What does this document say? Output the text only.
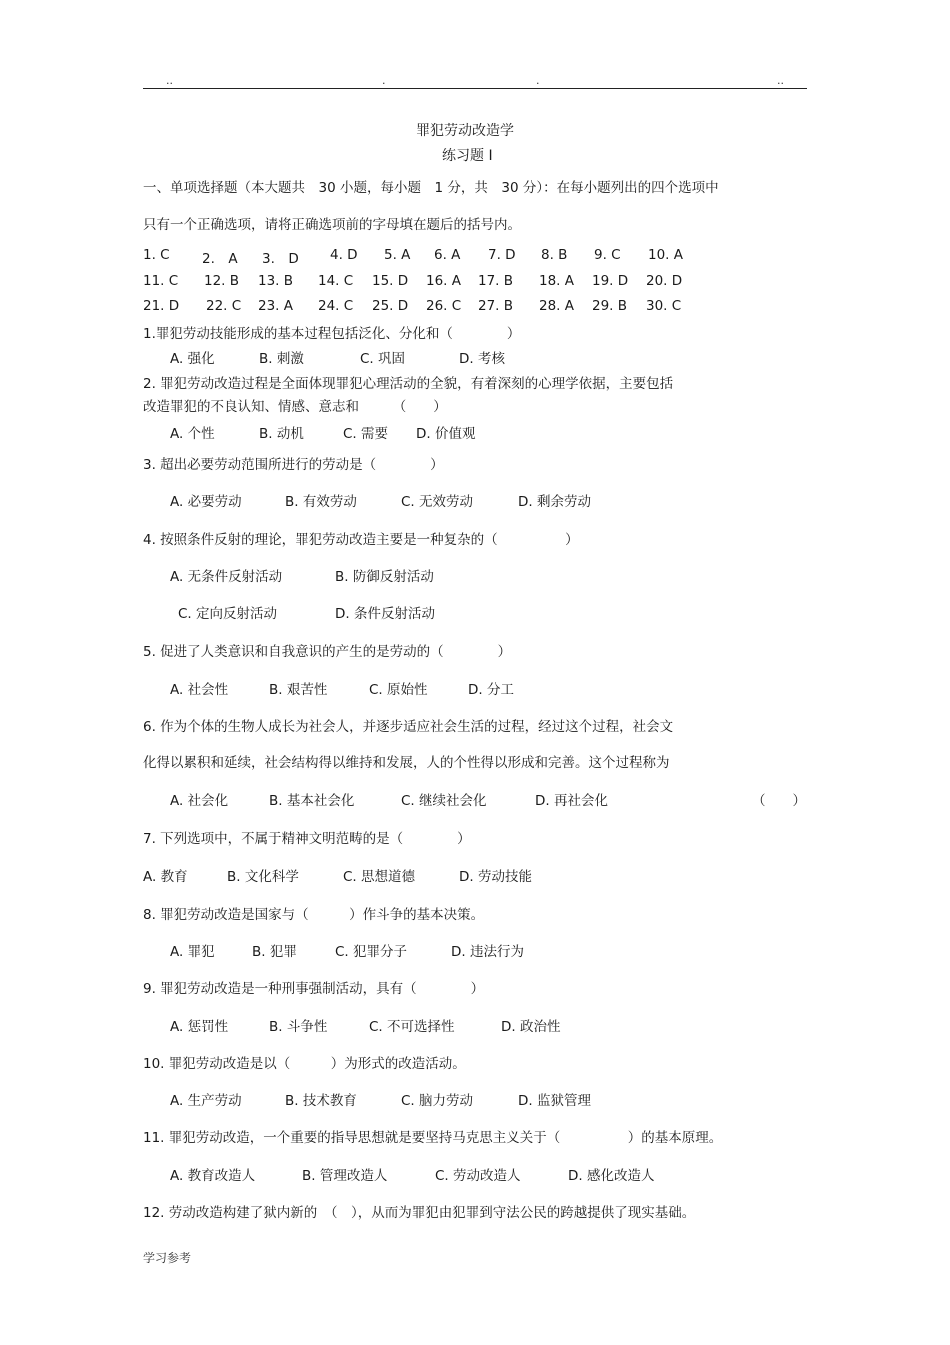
..	.	.	..
罪犯劳动改造学
练习题 I
一、单项选择题（本大题共　30 小题，每小题　1 分，共　30 分）：在每小题列出的四个选项中
只有一个正确选项，请将正确选项前的字母填在题后的括号内。
1. C 2.　A 3.　D 4. D 5. A 6. A 7. D 8. B 9. C 10. A
11. C 12. B 13. B 14. C 15. D 16. A 17. B 18. A 19. D 20. D
21. D 22. C 23. A 24. C 25. D 26. C 27. B 28. A 29. B 30. C
1.罪犯劳动技能形成的基本过程包括泛化、分化和（　　　　）
A. 强化	B. 刺激	C. 巩固	D. 考核
2. 罪犯劳动改造过程是全面体现罪犯心理活动的全貌，有着深刻的心理学依据，主要包括
改造罪犯的不良认知、情感、意志和　　　（　　）
A. 个性	B. 动机	C. 需要 D. 价值观
3. 超出必要劳动范围所进行的劳动是（　　　　）
A. 必要劳动	B. 有效劳动	C. 无效劳动	D. 剩余劳动
4. 按照条件反射的理论，罪犯劳动改造主要是一种复杂的（　　　　　）
A. 无条件反射活动	B. 防御反射活动
C. 定向反射活动	D. 条件反射活动
5. 促进了人类意识和自我意识的产生的是劳动的（　　　　）
A. 社会性	B. 艰苦性	C. 原始性	D. 分工
6. 作为个体的生物人成长为社会人，并逐步适应社会生活的过程，经过这个过程，社会文
化得以累积和延续，社会结构得以维持和发展，人的个性得以形成和完善。这个过程称为
A. 社会化	B. 基本社会化	C. 继续社会化	D. 再社会化	（　　）
7. 下列选项中，不属于精神文明范畴的是（　　　　）
A. 教育	B. 文化科学	C. 思想道德	D. 劳动技能
8. 罪犯劳动改造是国家与（　　　）作斗争的基本决策。
A. 罪犯	B. 犯罪	C. 犯罪分子	D. 违法行为
9. 罪犯劳动改造是一种刑事强制活动，具有（　　　　）
A. 惩罚性	B. 斗争性	C. 不可选择性	D. 政治性
10. 罪犯劳动改造是以（　　　）为形式的改造活动。
A. 生产劳动	B. 技术教育	C. 脑力劳动	D. 监狱管理
11. 罪犯劳动改造，一个重要的指导思想就是要坚持马克思主义关于（　　　　　）的基本原理。
A. 教育改造人	B. 管理改造人	C. 劳动改造人	D. 感化改造人
12. 劳动改造构建了狱内新的　（　），从而为罪犯由犯罪到守法公民的跨越提供了现实基础。
学习参考
